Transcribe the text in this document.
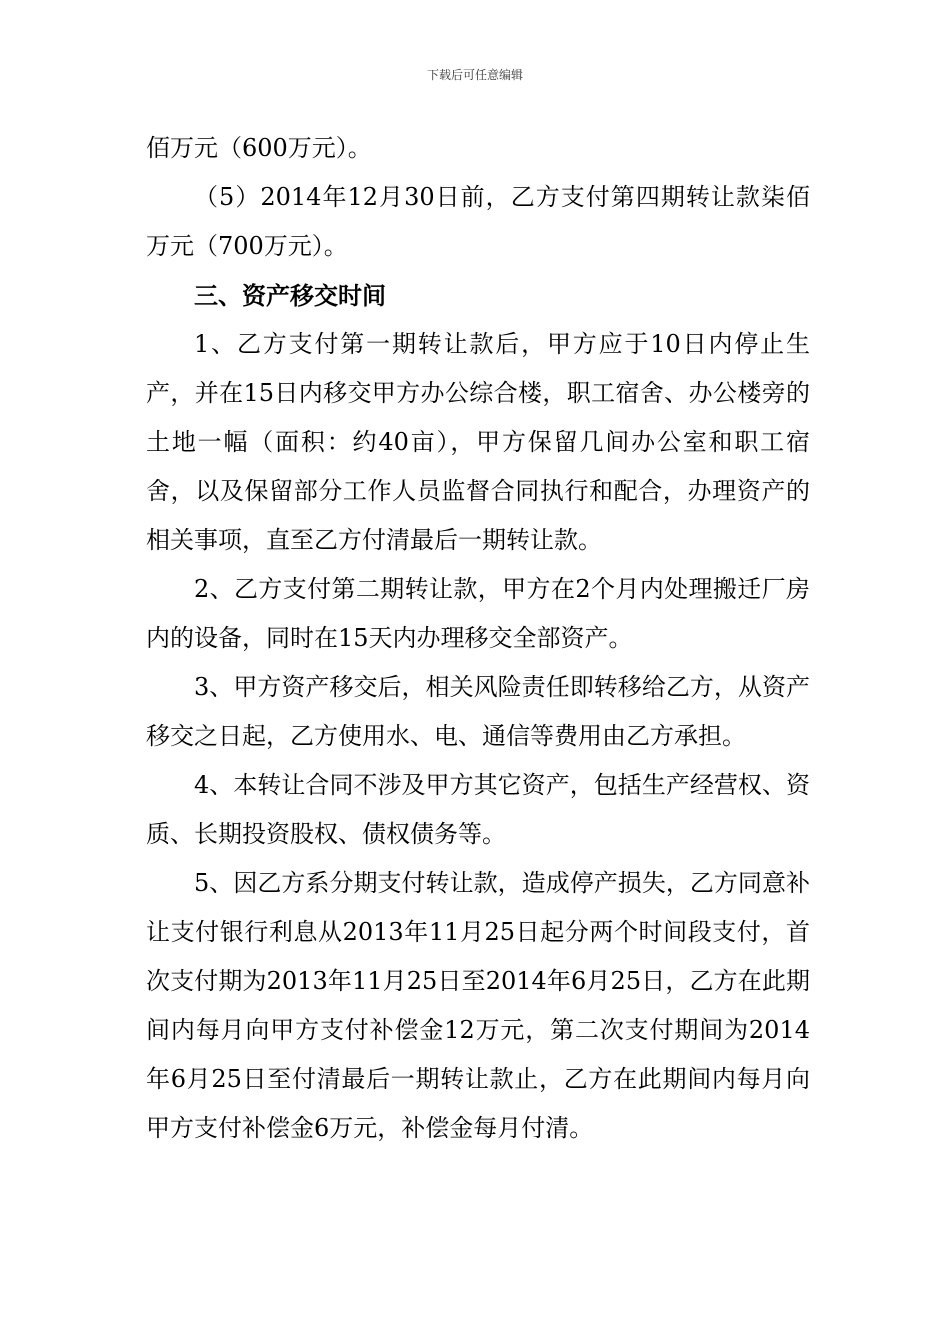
下载后可任意编辑

佰万元（600万元）。

（5）2014年12月30日前，乙方支付第四期转让款柒佰万元（700万元）。

三、资产移交时间

1、乙方支付第一期转让款后，甲方应于10日内停止生产，并在15日内移交甲方办公综合楼，职工宿舍、办公楼旁的土地一幅（面积：约40亩），甲方保留几间办公室和职工宿舍，以及保留部分工作人员监督合同执行和配合，办理资产的相关事项，直至乙方付清最后一期转让款。

2、乙方支付第二期转让款，甲方在2个月内处理搬迁厂房内的设备，同时在15天内办理移交全部资产。

3、甲方资产移交后，相关风险责任即转移给乙方，从资产移交之日起，乙方使用水、电、通信等费用由乙方承担。

4、本转让合同不涉及甲方其它资产，包括生产经营权、资质、长期投资股权、债权债务等。

5、因乙方系分期支付转让款，造成停产损失，乙方同意补让支付银行利息从2013年11月25日起分两个时间段支付，首次支付期为2013年11月25日至2014年6月25日，乙方在此期间内每月向甲方支付补偿金12万元，第二次支付期间为2014年6月25日至付清最后一期转让款止，乙方在此期间内每月向甲方支付补偿金6万元，补偿金每月付清。
